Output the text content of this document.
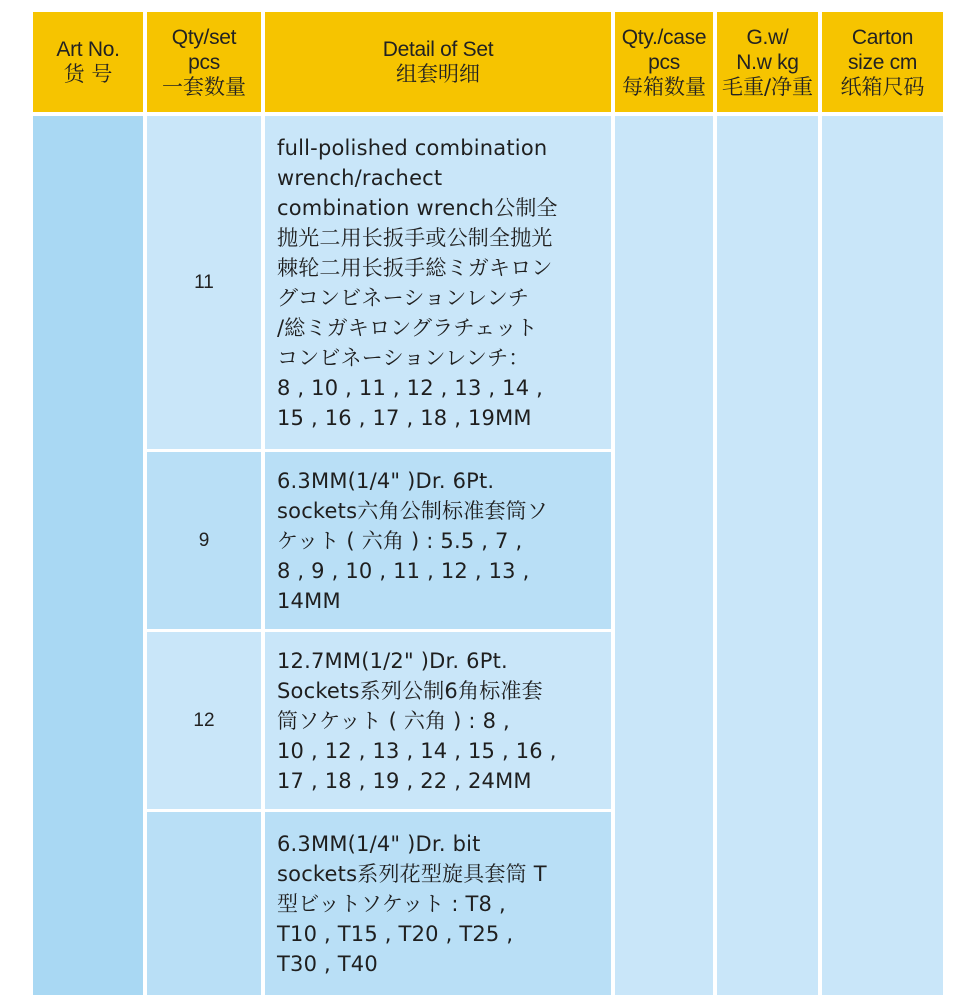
Art No.
货 号
Qty/set
pcs
一套数量
Detail of Set
组套明细
Qty./case
pcs
每箱数量
G.w/
N.w kg
毛重/净重
Carton
size cm
纸箱尺码
11

full-polished combination
wrench/rachect
combination wrench公制全
抛光二用长扳手或公制全抛光
棘轮二用长扳手総ミガキロン
グコンビネーションレンチ
/総ミガキロングラチェット
コンビネーションレンチ：
8 , 10 , 11 , 12 , 13 , 14 ,
15 , 16 , 17 , 18 , 19MM

9

6.3MM(1/4" )Dr. 6Pt.
sockets六角公制标准套筒ソ
ケット ( 六角 ) : 5.5 , 7 ,
8 , 9 , 10 , 11 , 12 , 13 ,
14MM

12

12.7MM(1/2" )Dr. 6Pt.
Sockets系列公制6角标准套
筒ソケット ( 六角 ) : 8 ,
10 , 12 , 13 , 14 , 15 , 16 ,
17 , 18 , 19 , 22 , 24MM

6.3MM(1/4" )Dr. bit
sockets系列花型旋具套筒 T
型ビットソケット : T8 ,
T10 , T15 , T20 , T25 ,
T30 , T40
